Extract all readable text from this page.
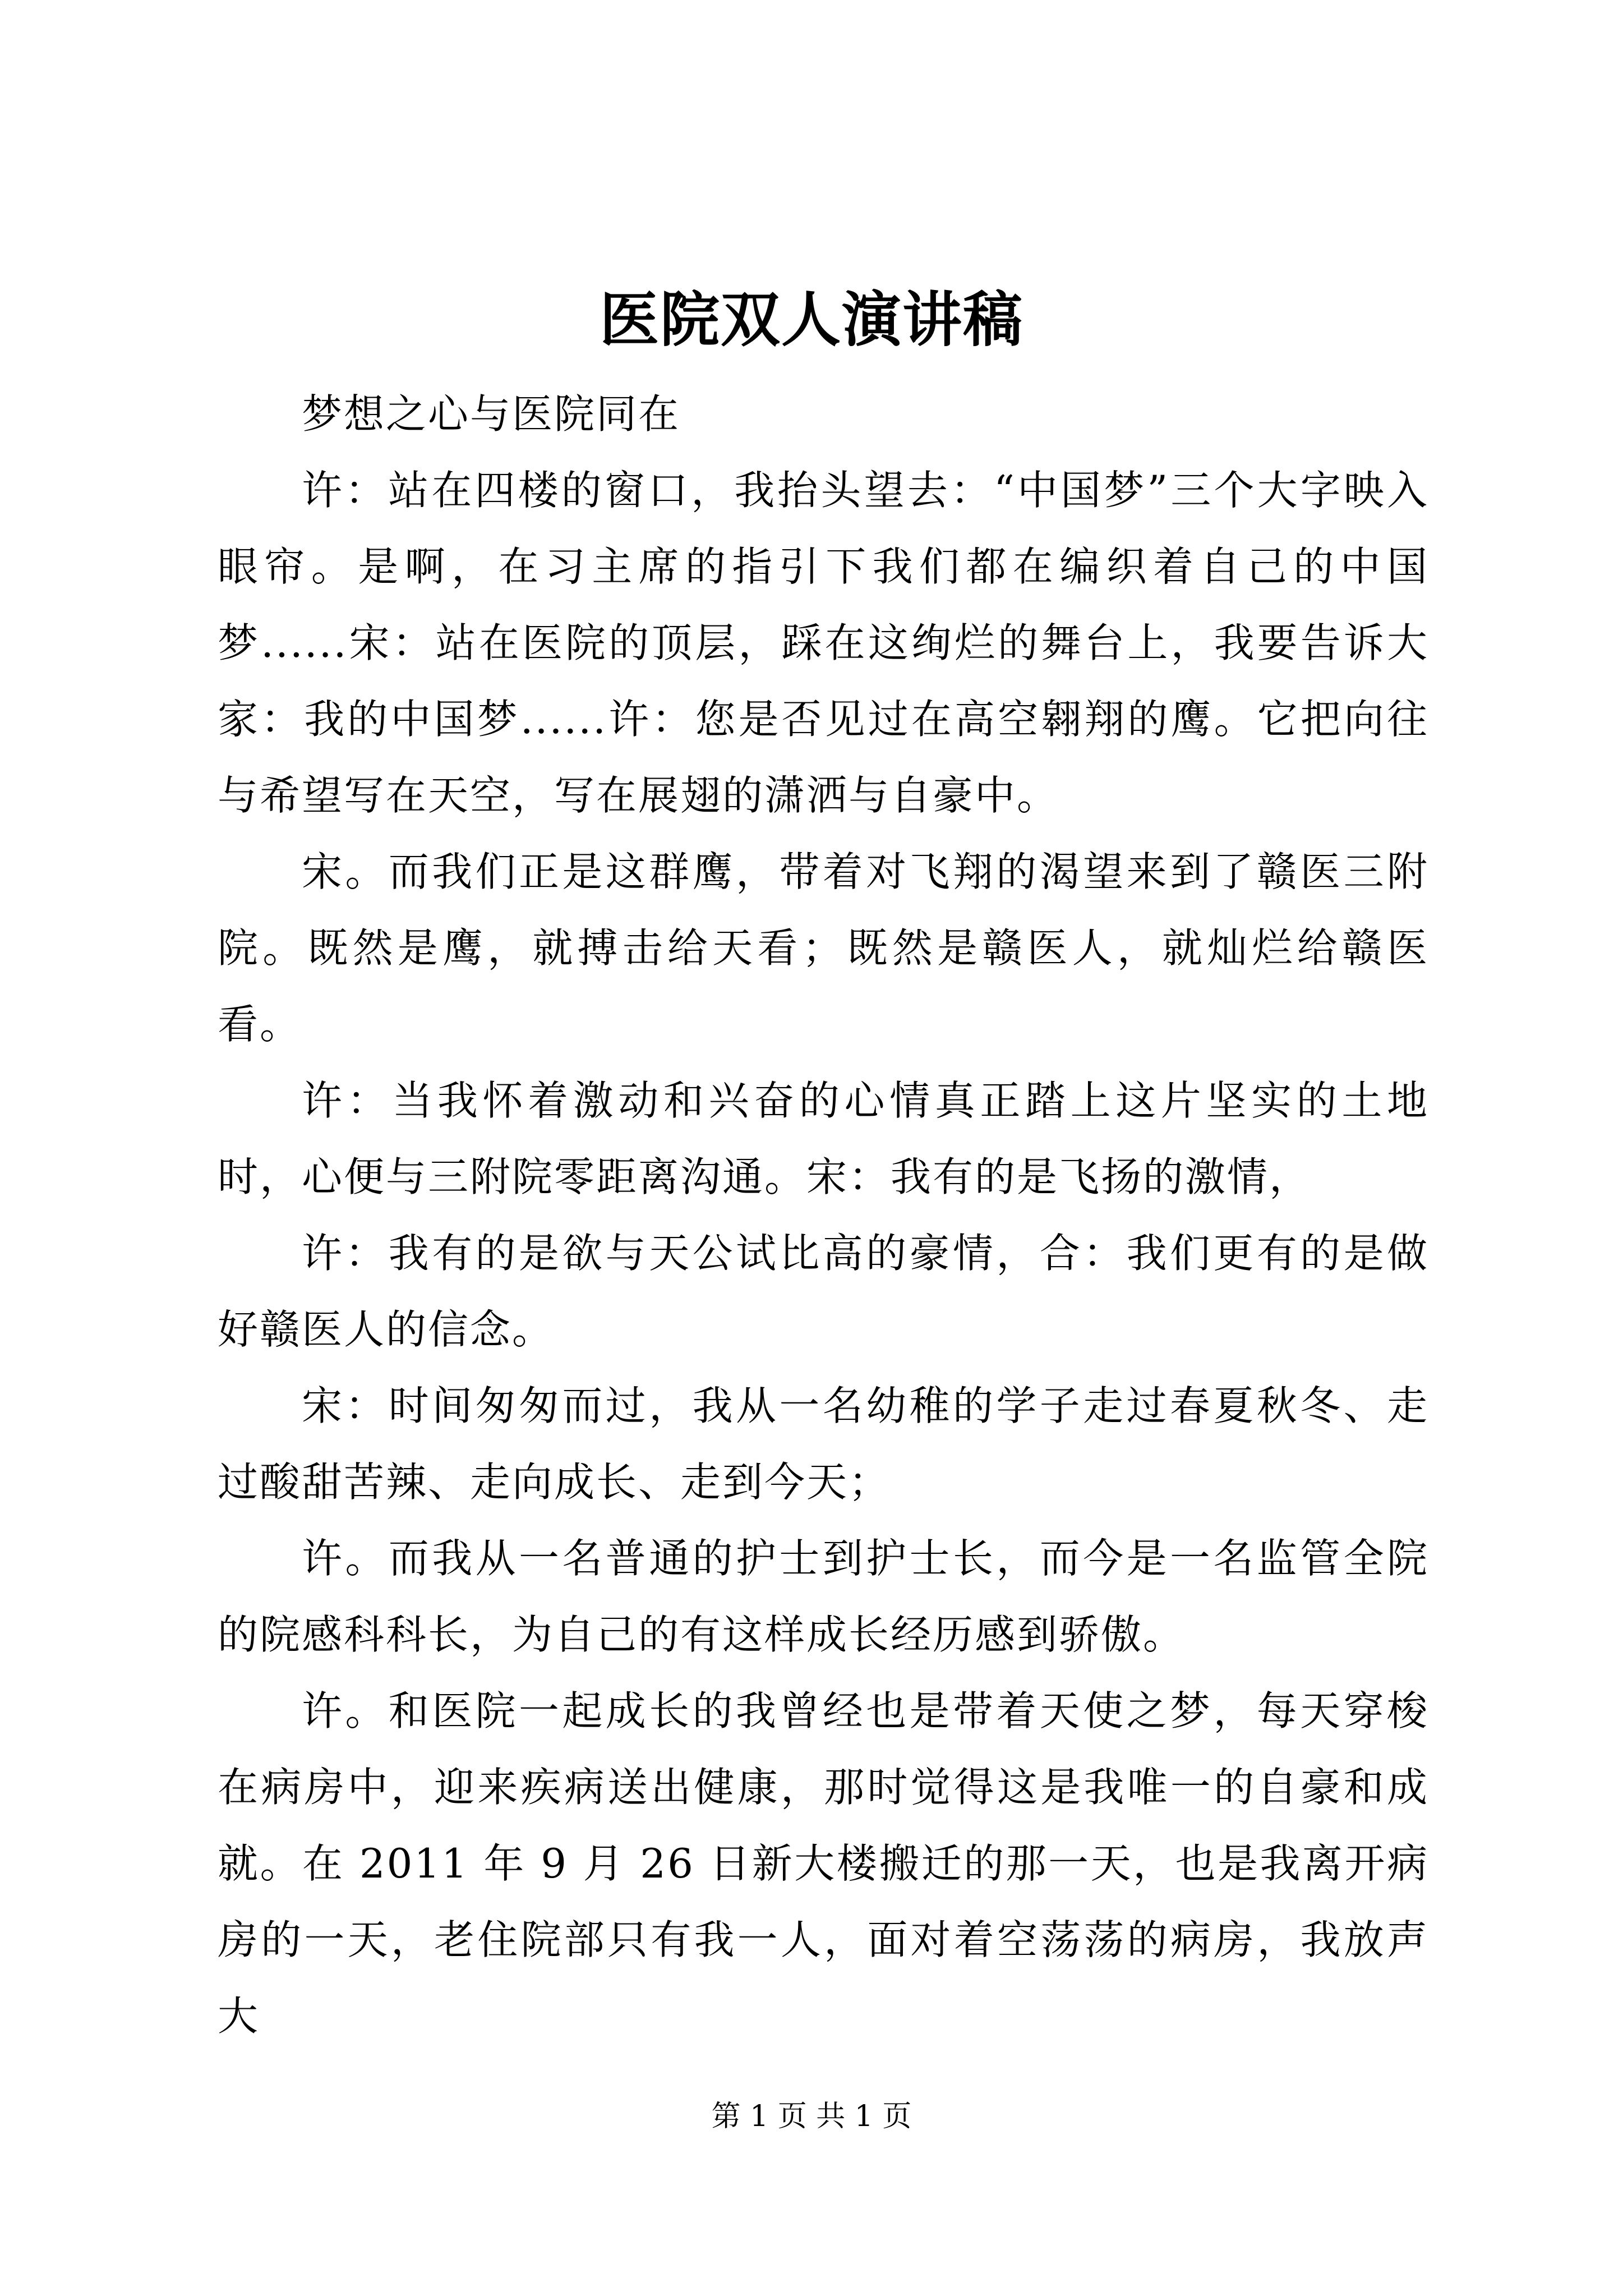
医院双人演讲稿

梦想之心与医院同在

许：站在四楼的窗口，我抬头望去：“中国梦”三个大字映入眼帘。是啊，在习主席的指引下我们都在编织着自己的中国梦......宋：站在医院的顶层，踩在这绚烂的舞台上，我要告诉大家：我的中国梦......许：您是否见过在高空翱翔的鹰。它把向往与希望写在天空，写在展翅的潇洒与自豪中。

宋。而我们正是这群鹰，带着对飞翔的渴望来到了赣医三附院。既然是鹰，就搏击给天看；既然是赣医人，就灿烂给赣医看。

许：当我怀着激动和兴奋的心情真正踏上这片坚实的土地时，心便与三附院零距离沟通。宋：我有的是飞扬的激情，

许：我有的是欲与天公试比高的豪情，合：我们更有的是做好赣医人的信念。

宋：时间匆匆而过，我从一名幼稚的学子走过春夏秋冬、走过酸甜苦辣、走向成长、走到今天；

许。而我从一名普通的护士到护士长，而今是一名监管全院的院感科科长，为自己的有这样成长经历感到骄傲。

许。和医院一起成长的我曾经也是带着天使之梦，每天穿梭在病房中，迎来疾病送出健康，那时觉得这是我唯一的自豪和成就。在 2011 年 9 月 26 日新大楼搬迁的那一天，也是我离开病房的一天，老住院部只有我一人，面对着空荡荡的病房，我放声大

第 1 页 共 1 页
